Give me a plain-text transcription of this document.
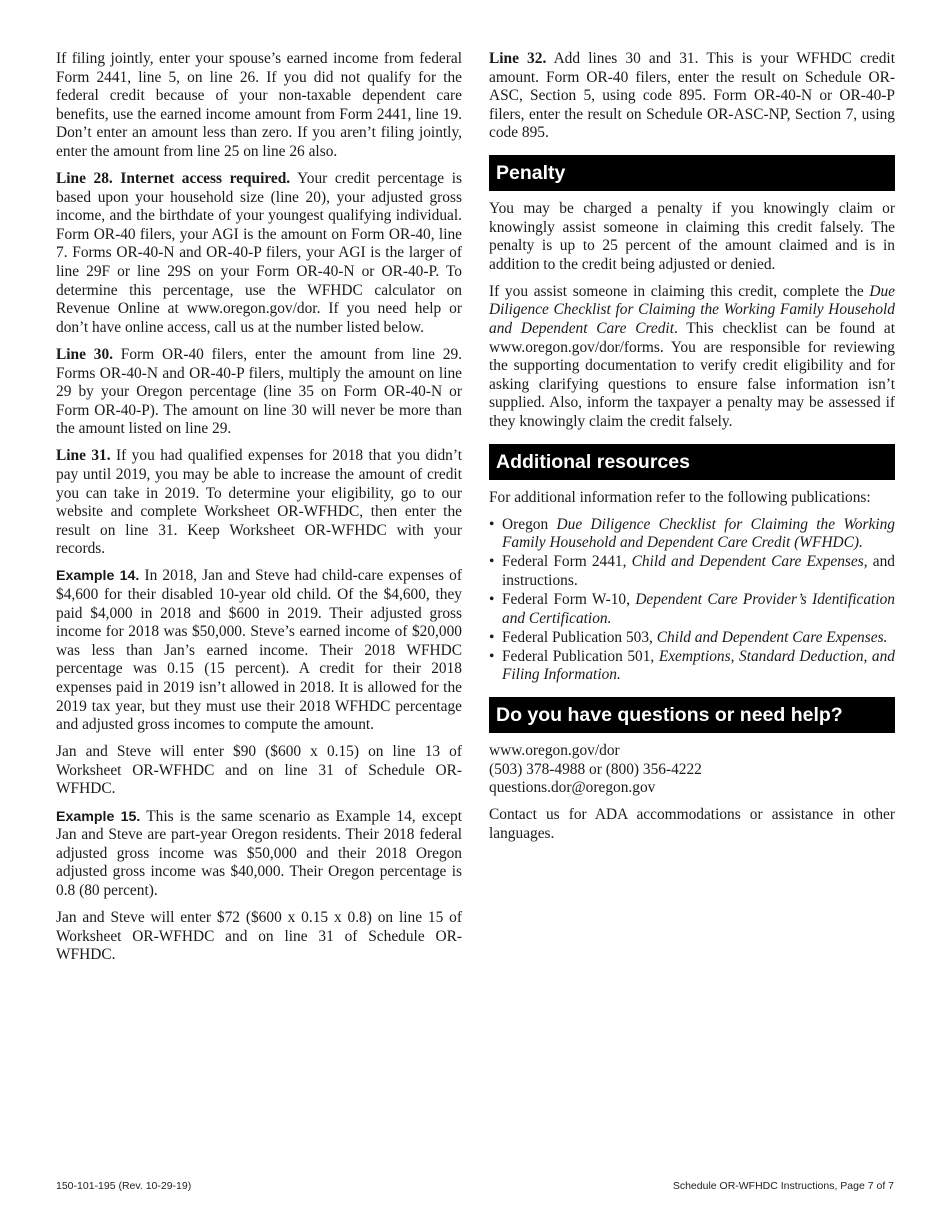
If filing jointly, enter your spouse’s earned income from federal Form 2441, line 5, on line 26. If you did not qualify for the federal credit because of your non-taxable dependent care benefits, use the earned income amount from Form 2441, line 19. Don’t enter an amount less than zero. If you aren’t filing jointly, enter the amount from line 25 on line 26 also.

Line 28. Internet access required. Your credit percentage is based upon your household size (line 20), your adjusted gross income, and the birthdate of your youngest qualifying individual. Form OR-40 filers, your AGI is the amount on Form OR-40, line 7. Forms OR-40-N and OR-40-P filers, your AGI is the larger of line 29F or line 29S on your Form OR-40-N or OR-40-P. To determine this percentage, use the WFHDC calculator on Revenue Online at www.oregon.gov/dor. If you need help or don’t have online access, call us at the number listed below.

Line 30. Form OR-40 filers, enter the amount from line 29. Forms OR-40-N and OR-40-P filers, multiply the amount on line 29 by your Oregon percentage (line 35 on Form OR-40-N or Form OR-40-P). The amount on line 30 will never be more than the amount listed on line 29.

Line 31. If you had qualified expenses for 2018 that you didn’t pay until 2019, you may be able to increase the amount of credit you can take in 2019. To determine your eligibility, go to our website and complete Worksheet OR-WFHDC, then enter the result on line 31. Keep Worksheet OR-WFHDC with your records.

Example 14. In 2018, Jan and Steve had child-care expenses of $4,600 for their disabled 10-year old child. Of the $4,600, they paid $4,000 in 2018 and $600 in 2019. Their adjusted gross income for 2018 was $50,000. Steve’s earned income of $20,000 was less than Jan’s earned income. Their 2018 WFHDC percentage was 0.15 (15 percent). A credit for their 2018 expenses paid in 2019 isn’t allowed in 2018. It is allowed for the 2019 tax year, but they must use their 2018 WFHDC percentage and adjusted gross incomes to compute the amount.

Jan and Steve will enter $90 ($600 x 0.15) on line 13 of Worksheet OR-WFHDC and on line 31 of Schedule OR-WFHDC.

Example 15. This is the same scenario as Example 14, except Jan and Steve are part-year Oregon residents. Their 2018 federal adjusted gross income was $50,000 and their 2018 Oregon adjusted gross income was $40,000. Their Oregon percentage is 0.8 (80 percent).

Jan and Steve will enter $72 ($600 x 0.15 x 0.8) on line 15 of Worksheet OR-WFHDC and on line 31 of Schedule OR-WFHDC.

Line 32. Add lines 30 and 31. This is your WFHDC credit amount. Form OR-40 filers, enter the result on Schedule OR-ASC, Section 5, using code 895. Form OR-40-N or OR-40-P filers, enter the result on Schedule OR-ASC-NP, Section 7, using code 895.

Penalty

You may be charged a penalty if you knowingly claim or knowingly assist someone in claiming this credit falsely. The penalty is up to 25 percent of the amount claimed and is in addition to the credit being adjusted or denied.

If you assist someone in claiming this credit, complete the Due Diligence Checklist for Claiming the Working Family Household and Dependent Care Credit. This checklist can be found at www.oregon.gov/dor/forms. You are responsible for reviewing the supporting documentation to verify credit eligibility and for asking clarifying questions to ensure false information isn’t supplied. Also, inform the taxpayer a penalty may be assessed if they knowingly claim the credit falsely.

Additional resources

For additional information refer to the following publications:

• Oregon Due Diligence Checklist for Claiming the Working Family Household and Dependent Care Credit (WFHDC).
• Federal Form 2441, Child and Dependent Care Expenses, and instructions.
• Federal Form W-10, Dependent Care Provider’s Identification and Certification.
• Federal Publication 503, Child and Dependent Care Expenses.
• Federal Publication 501, Exemptions, Standard Deduction, and Filing Information.
Do you have questions or need help?
www.oregon.gov/dor
(503) 378-4988 or (800) 356-4222
questions.dor@oregon.gov

Contact us for ADA accommodations or assistance in other languages.

150-101-195 (Rev. 10-29-19)	Schedule OR-WFHDC Instructions, Page 7 of 7
